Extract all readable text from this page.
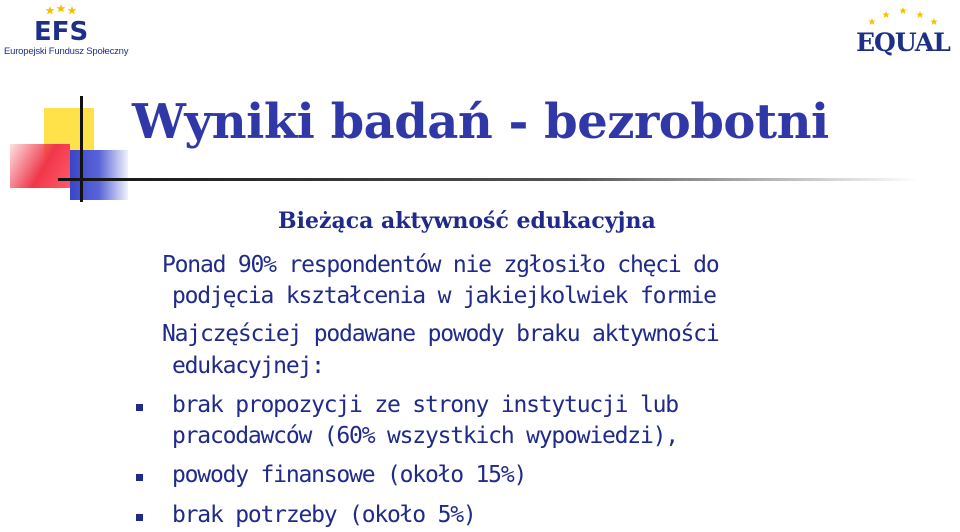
EFS
Europejski Fundusz Społeczny	EQUAL
Wyniki badań - bezrobotni
Bieżąca aktywność edukacyjna
Ponad 90% respondentów nie zgłosiło chęci do
podjęcia kształcenia w jakiejkolwiek formie
Najczęściej podawane powody braku aktywności
edukacyjnej:
brak propozycji ze strony instytucji lub
pracodawców (60% wszystkich wypowiedzi),
powody finansowe (około 15%)
brak potrzeby (około 5%)
